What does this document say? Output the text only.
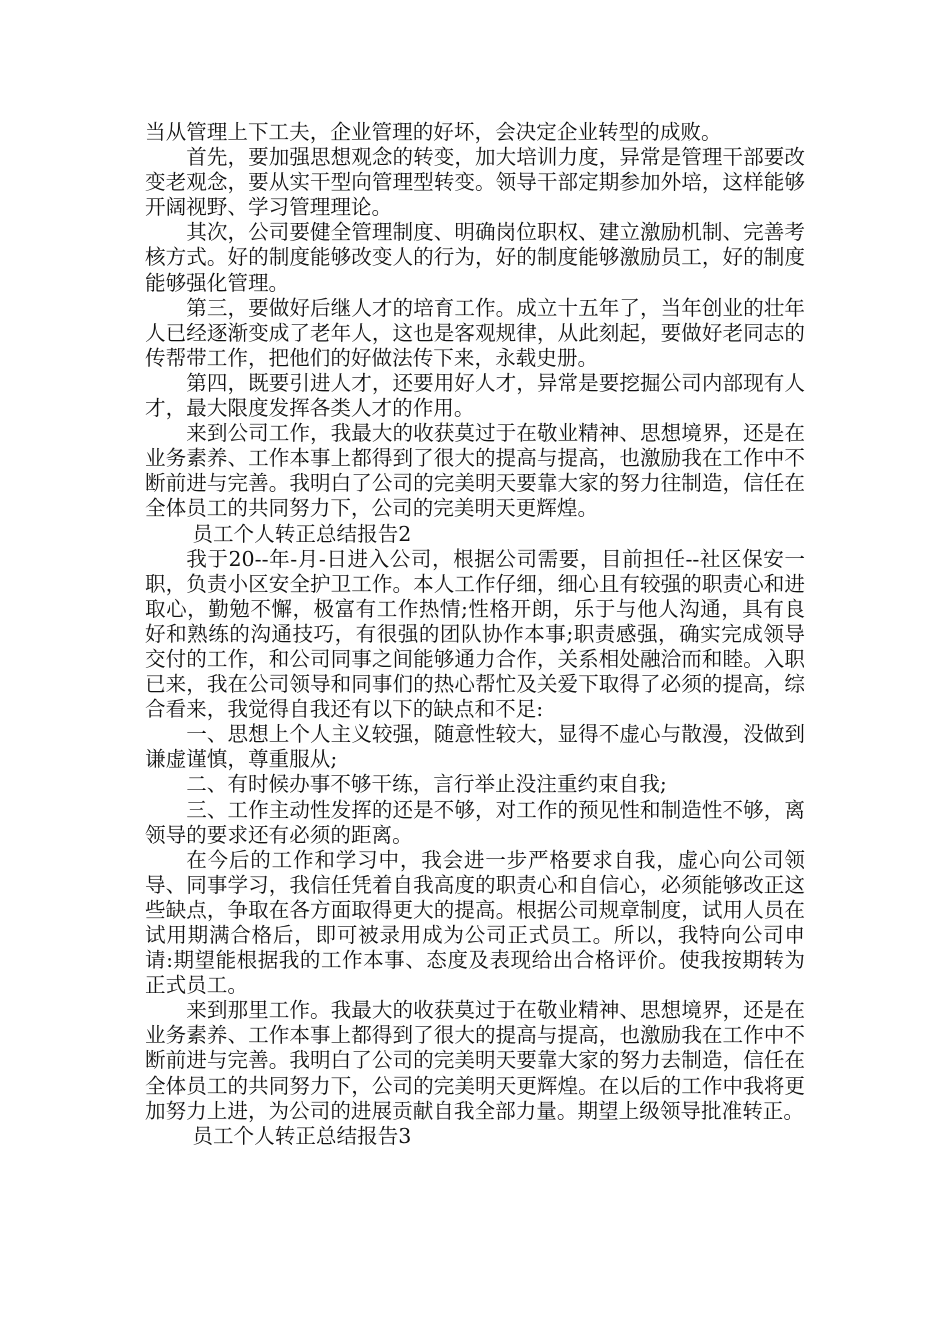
当从管理上下工夫，企业管理的好坏，会决定企业转型的成败。

首先，要加强思想观念的转变，加大培训力度，异常是管理干部要改变老观念，要从实干型向管理型转变。领导干部定期参加外培，这样能够开阔视野、学习管理理论。

其次，公司要健全管理制度、明确岗位职权、建立激励机制、完善考核方式。好的制度能够改变人的行为，好的制度能够激励员工，好的制度能够强化管理。

第三，要做好后继人才的培育工作。成立十五年了，当年创业的壮年人已经逐渐变成了老年人，这也是客观规律，从此刻起，要做好老同志的传帮带工作，把他们的好做法传下来，永载史册。

第四，既要引进人才，还要用好人才，异常是要挖掘公司内部现有人才，最大限度发挥各类人才的作用。

来到公司工作，我最大的收获莫过于在敬业精神、思想境界，还是在业务素养、工作本事上都得到了很大的提高与提高，也激励我在工作中不断前进与完善。我明白了公司的完美明天要靠大家的努力往制造，信任在全体员工的共同努力下，公司的完美明天更辉煌。

员工个人转正总结报告2

我于20--年-月-日进入公司，根据公司需要，目前担任--社区保安一职，负责小区安全护卫工作。本人工作仔细，细心且有较强的职责心和进取心，勤勉不懈，极富有工作热情;性格开朗，乐于与他人沟通，具有良好和熟练的沟通技巧，有很强的团队协作本事;职责感强，确实完成领导交付的工作，和公司同事之间能够通力合作，关系相处融洽而和睦。入职已来，我在公司领导和同事们的热心帮忙及关爱下取得了必须的提高，综合看来，我觉得自我还有以下的缺点和不足:

一、思想上个人主义较强，随意性较大，显得不虚心与散漫，没做到谦虚谨慎，尊重服从;

二、有时候办事不够干练，言行举止没注重约束自我;

三、工作主动性发挥的还是不够，对工作的预见性和制造性不够，离领导的要求还有必须的距离。

在今后的工作和学习中，我会进一步严格要求自我，虚心向公司领导、同事学习，我信任凭着自我高度的职责心和自信心，必须能够改正这些缺点，争取在各方面取得更大的提高。根据公司规章制度，试用人员在试用期满合格后，即可被录用成为公司正式员工。所以，我特向公司申请:期望能根据我的工作本事、态度及表现给出合格评价。使我按期转为正式员工。

来到那里工作。我最大的收获莫过于在敬业精神、思想境界，还是在业务素养、工作本事上都得到了很大的提高与提高，也激励我在工作中不断前进与完善。我明白了公司的完美明天要靠大家的努力去制造，信任在全体员工的共同努力下，公司的完美明天更辉煌。在以后的工作中我将更加努力上进，为公司的进展贡献自我全部力量。期望上级领导批准转正。

员工个人转正总结报告3
